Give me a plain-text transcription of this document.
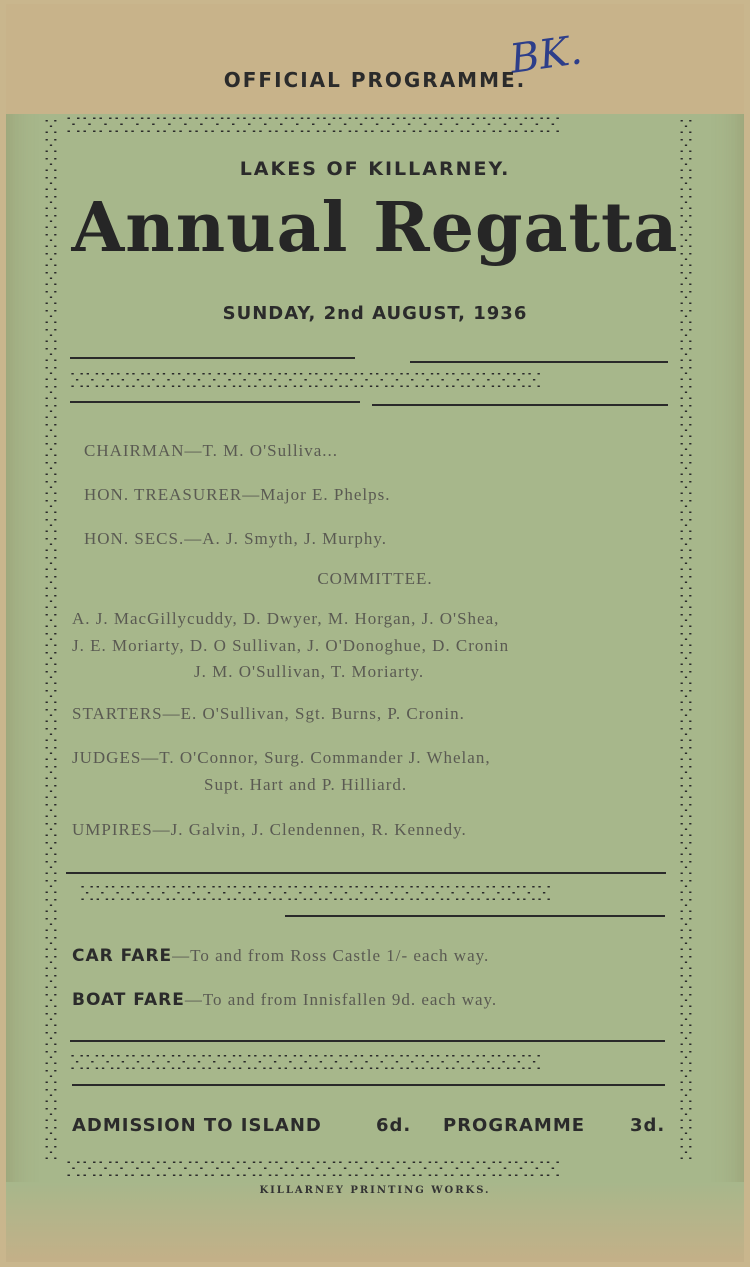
BK.
OFFICIAL PROGRAMME.
ⵘⵘⵘⵘⵘⵘⵘⵘⵘⵘⵘⵘⵘⵘⵘⵘⵘⵘⵘⵘⵘⵘⵘⵘⵘⵘⵘⵘⵘⵘⵘ
ⵘⵘⵘⵘⵘⵘⵘⵘⵘⵘⵘⵘⵘⵘⵘⵘⵘⵘⵘⵘⵘⵘⵘⵘⵘⵘⵘⵘⵘⵘⵘⵘⵘⵘⵘⵘⵘⵘⵘⵘⵘⵘⵘⵘⵘⵘⵘⵘⵘⵘⵘⵘⵘⵘⵘ
ⵘⵘⵘⵘⵘⵘⵘⵘⵘⵘⵘⵘⵘⵘⵘⵘⵘⵘⵘⵘⵘⵘⵘⵘⵘⵘⵘⵘⵘⵘⵘⵘⵘⵘⵘⵘⵘⵘⵘⵘⵘⵘⵘⵘⵘⵘⵘⵘⵘⵘⵘⵘⵘⵘⵘ
LAKES OF KILLARNEY.
Annual Regatta
SUNDAY, 2nd AUGUST, 1936
ⵘⵘⵘⵘⵘⵘⵘⵘⵘⵘⵘⵘⵘⵘⵘⵘⵘⵘⵘⵘⵘⵘⵘⵘⵘⵘⵘⵘⵘⵘⵘ
CHAIRMAN—T. M. O'Sulliva...
HON. TREASURER—Major E. Phelps.
HON. SECS.—A. J. Smyth, J. Murphy.
COMMITTEE.
A. J. MacGillycuddy, D. Dwyer, M. Horgan, J. O'Shea,
J. E. Moriarty, D. O Sullivan, J. O'Donoghue, D. Cronin
J. M. O'Sullivan, T. Moriarty.
STARTERS—E. O'Sullivan, Sgt. Burns, P. Cronin.
JUDGES—T. O'Connor, Surg. Commander J. Whelan,
Supt. Hart and P. Hilliard.
UMPIRES—J. Galvin, J. Clendennen, R. Kennedy.
ⵘⵘⵘⵘⵘⵘⵘⵘⵘⵘⵘⵘⵘⵘⵘⵘⵘⵘⵘⵘⵘⵘⵘⵘⵘⵘⵘⵘⵘⵘⵘ
CAR FARE—To and from Ross Castle 1/- each way.
BOAT FARE—To and from Innisfallen 9d. each way.
ⵘⵘⵘⵘⵘⵘⵘⵘⵘⵘⵘⵘⵘⵘⵘⵘⵘⵘⵘⵘⵘⵘⵘⵘⵘⵘⵘⵘⵘⵘⵘ
ADMISSION TO ISLAND	6d. PROGRAMME 3d.
ⵘⵘⵘⵘⵘⵘⵘⵘⵘⵘⵘⵘⵘⵘⵘⵘⵘⵘⵘⵘⵘⵘⵘⵘⵘⵘⵘⵘⵘⵘⵘ
KILLARNEY PRINTING WORKS.
